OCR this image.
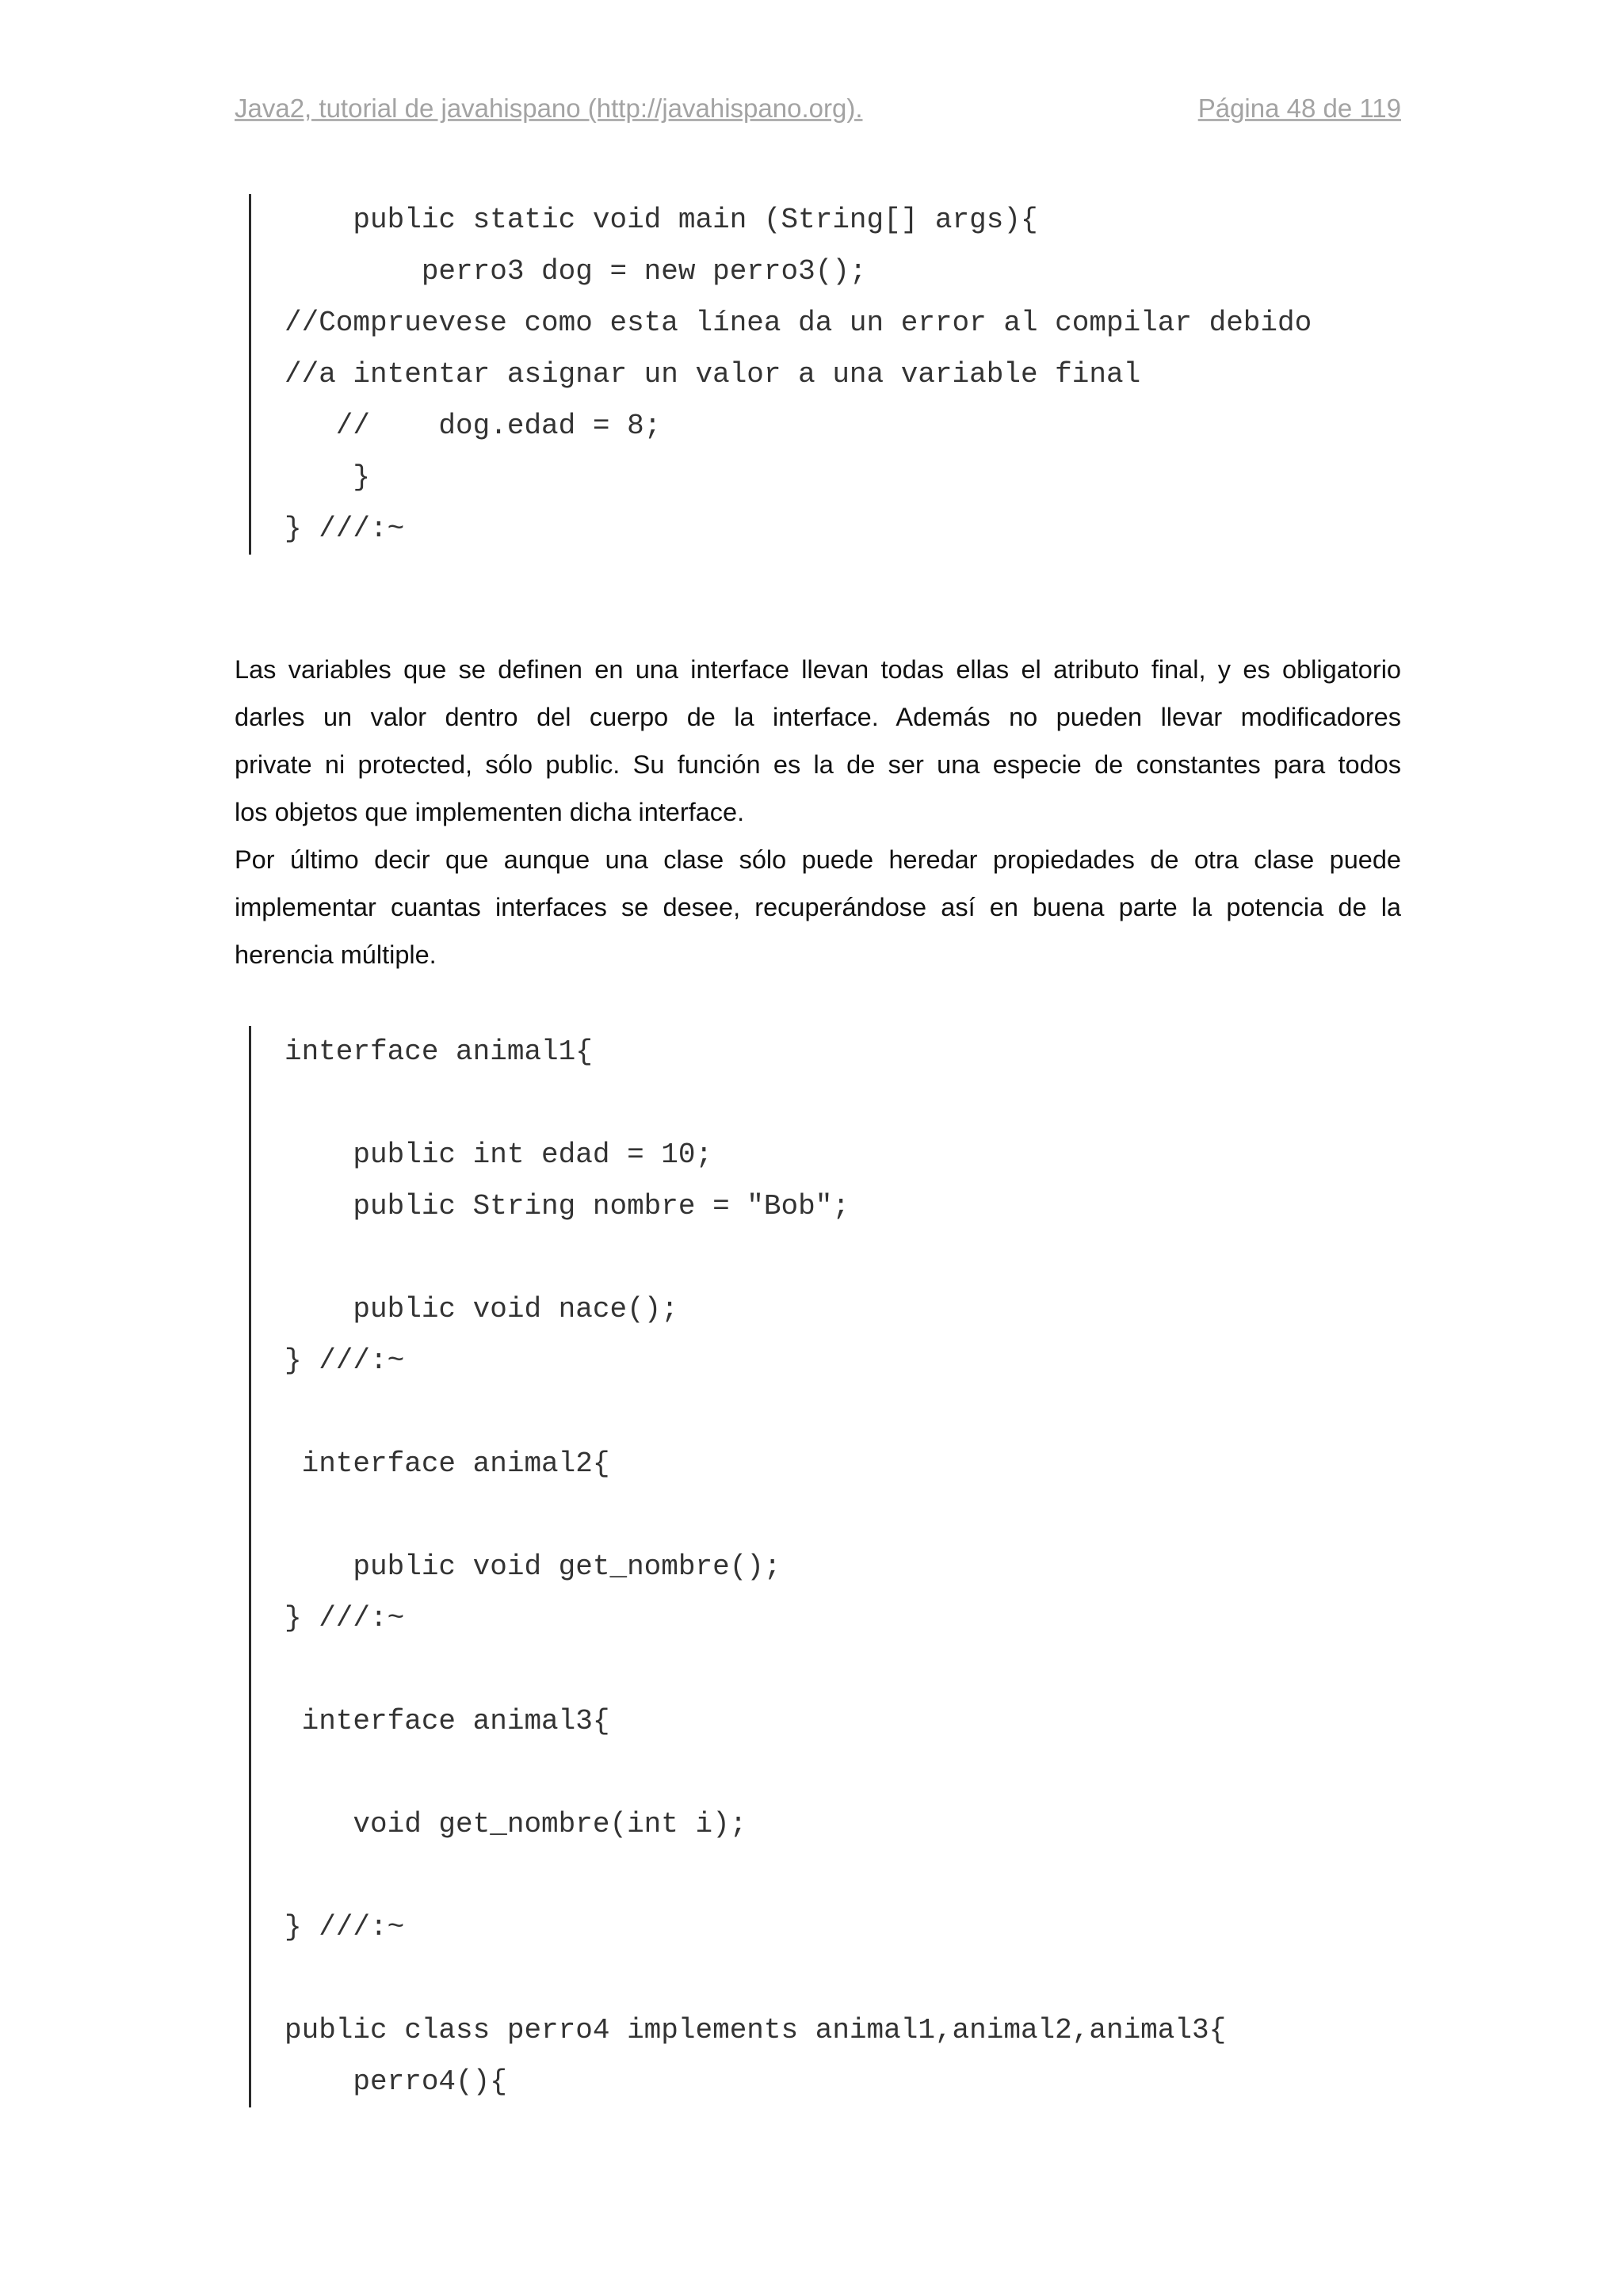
Java2, tutorial de javahispano (http://javahispano.org).	Página 48 de 119
public static void main (String[] args){
perro3 dog = new perro3();
//Compruevese como esta línea da un error al compilar debido
//a intentar asignar un valor a una variable final
//    dog.edad = 8;
}
} ///:~
Las variables que se definen en una interface llevan todas ellas el atributo final, y es obligatorio
darles un valor dentro del cuerpo de la interface. Además no pueden llevar modificadores
private ni protected, sólo public. Su función es la de ser una especie de constantes para todos
los objetos que implementen dicha interface.
Por último decir que aunque una clase sólo puede heredar propiedades de otra clase puede
implementar cuantas interfaces se desee, recuperándose así en buena parte la potencia de la
herencia múltiple.
interface animal1{
public int edad = 10;
public String nombre = "Bob";
public void nace();
} ///:~
interface animal2{
public void get_nombre();
} ///:~
interface animal3{
void get_nombre(int i);
} ///:~
public class perro4 implements animal1,animal2,animal3{
perro4(){
